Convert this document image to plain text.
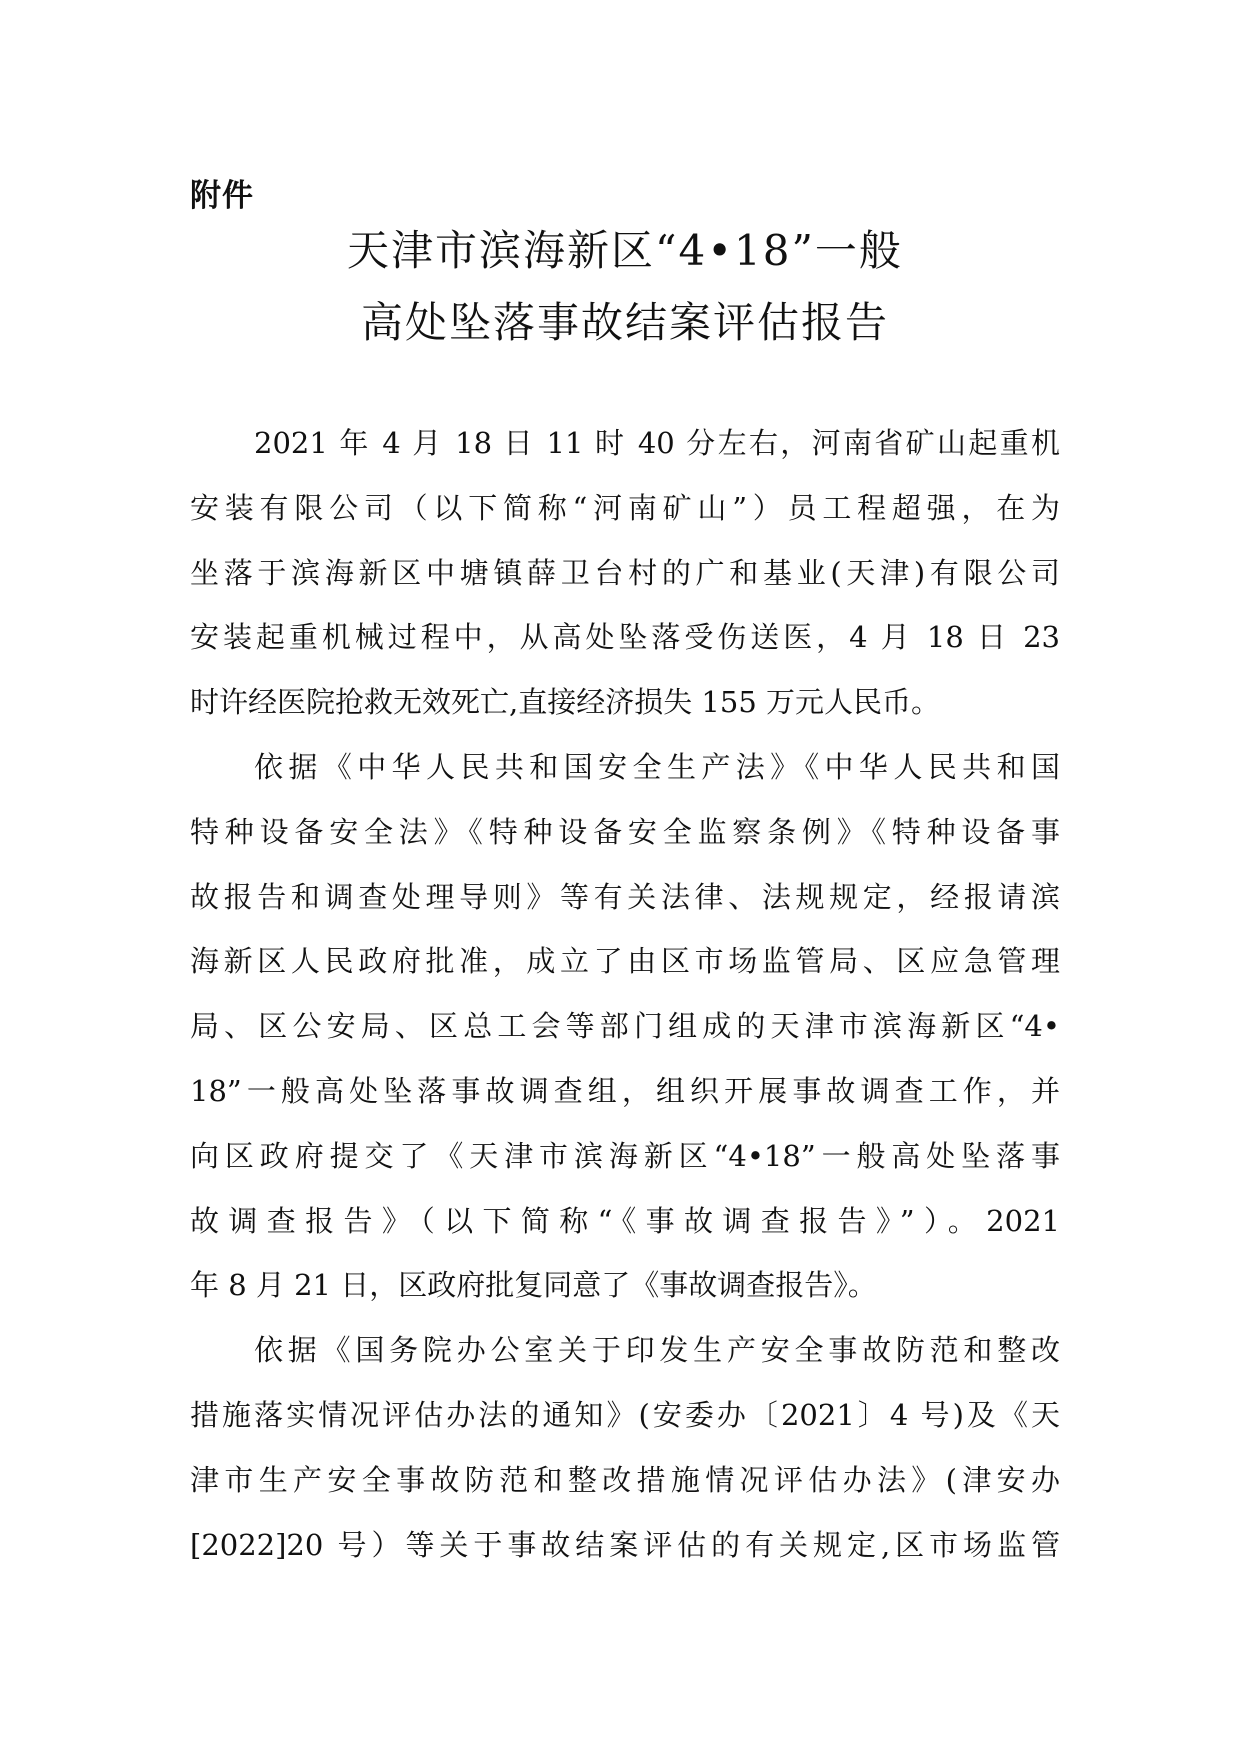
附件
天津市滨海新区“4•18”一般
高处坠落事故结案评估报告
2021 年 4 月 18 日 11 时 40 分左右，河南省矿山起重机
安装有限公司（以下简称“河南矿山”）员工程超强，在为
坐落于滨海新区中塘镇薛卫台村的广和基业(天津)有限公司
安装起重机械过程中，从高处坠落受伤送医，4 月 18 日 23
时许经医院抢救无效死亡,直接经济损失 155 万元人民币。
依据《中华人民共和国安全生产法》《中华人民共和国
特种设备安全法》《特种设备安全监察条例》《特种设备事
故报告和调查处理导则》等有关法律、法规规定，经报请滨
海新区人民政府批准，成立了由区市场监管局、区应急管理
局、区公安局、区总工会等部门组成的天津市滨海新区“4•
18”一般高处坠落事故调查组，组织开展事故调查工作，并
向区政府提交了《天津市滨海新区“4•18”一般高处坠落事
故调查报告》（以下简称“《事故调查报告》”）。2021
年 8 月 21 日，区政府批复同意了《事故调查报告》。
依据《国务院办公室关于印发生产安全事故防范和整改
措施落实情况评估办法的通知》(安委办〔2021〕4 号)及《天
津市生产安全事故防范和整改措施情况评估办法》(津安办
[2022]20 号）等关于事故结案评估的有关规定,区市场监管
